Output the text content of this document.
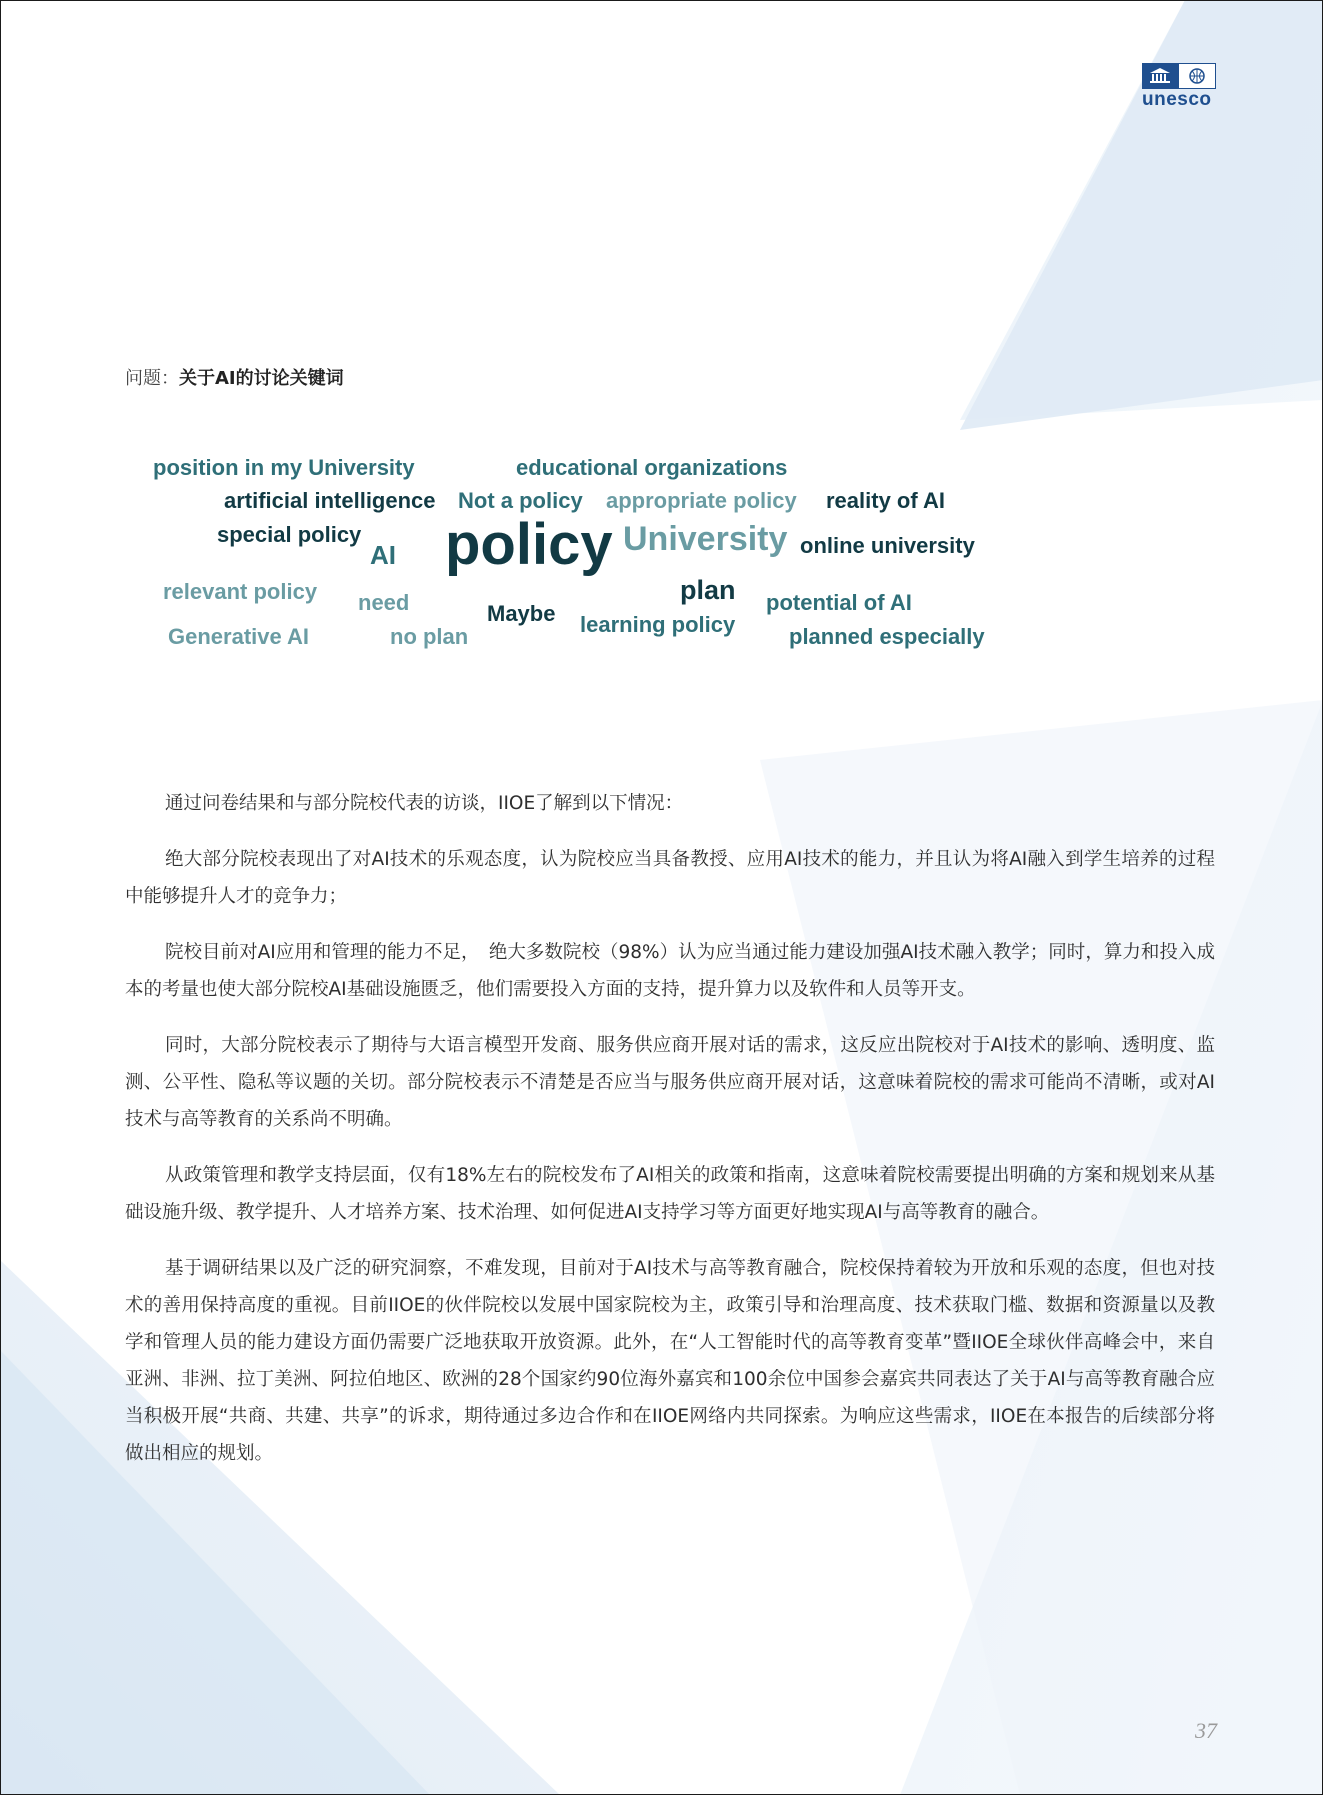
unesco
问题：关于AI的讨论关键词
position in my University	educational organizations
artificial intelligence Not a policy appropriate policy reality of AI
special policy
AI policy University online university
relevant policy need	Maybe
plan potential of AI
Generative AI	no plan	learning policy planned especially

通过问卷结果和与部分院校代表的访谈，IIOE了解到以下情况：

绝大部分院校表现出了对AI技术的乐观态度，认为院校应当具备教授、应用AI技术的能力，并且认为将AI融入到学生培养的过程中能够提升人才的竞争力；

院校目前对AI应用和管理的能力不足，　绝大多数院校（98%）认为应当通过能力建设加强AI技术融入教学；同时，算力和投入成本的考量也使大部分院校AI基础设施匮乏，他们需要投入方面的支持，提升算力以及软件和人员等开支。

同时，大部分院校表示了期待与大语言模型开发商、服务供应商开展对话的需求，这反应出院校对于AI技术的影响、透明度、监测、公平性、隐私等议题的关切。部分院校表示不清楚是否应当与服务供应商开展对话，这意味着院校的需求可能尚不清晰，或对AI技术与高等教育的关系尚不明确。

从政策管理和教学支持层面，仅有18%左右的院校发布了AI相关的政策和指南，这意味着院校需要提出明确的方案和规划来从基础设施升级、教学提升、人才培养方案、技术治理、如何促进AI支持学习等方面更好地实现AI与高等教育的融合。

基于调研结果以及广泛的研究洞察，不难发现，目前对于AI技术与高等教育融合，院校保持着较为开放和乐观的态度，但也对技术的善用保持高度的重视。目前IIOE的伙伴院校以发展中国家院校为主，政策引导和治理高度、技术获取门槛、数据和资源量以及教学和管理人员的能力建设方面仍需要广泛地获取开放资源。此外，在“人工智能时代的高等教育变革”暨IIOE全球伙伴高峰会中，来自亚洲、非洲、拉丁美洲、阿拉伯地区、欧洲的28个国家约90位海外嘉宾和100余位中国参会嘉宾共同表达了关于AI与高等教育融合应当积极开展“共商、共建、共享”的诉求，期待通过多边合作和在IIOE网络内共同探索。为响应这些需求，IIOE在本报告的后续部分将做出相应的规划。

37
